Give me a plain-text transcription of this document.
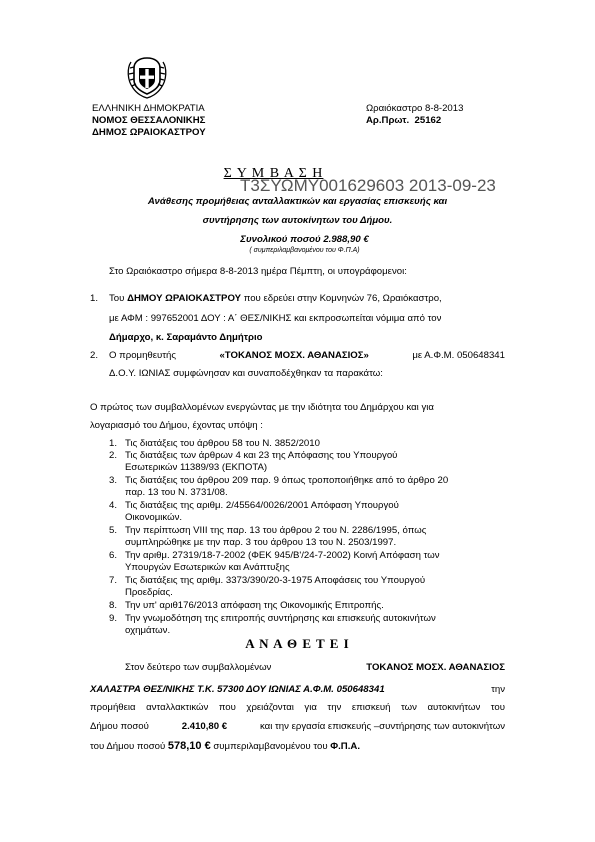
ΕΛΛΗΝΙΚΗ ΔΗΜΟΚΡΑΤΙΑ
ΝΟΜΟΣ ΘΕΣΣΑΛΟΝΙΚΗΣ
ΔΗΜΟΣ ΩΡΑΙΟΚΑΣΤΡΟΥ
Ωραιόκαστρο 8-8-2013
Αρ.Πρωτ. 25162
Σ Υ Μ Β Α Σ Η
Τ3ΣΥΩΜΥ001629603 2013-09-23
Ανάθεσης προμήθειας ανταλλακτικών και εργασίας επισκευής και
συντήρησης των αυτοκίνητων του Δήμου.
Συνολικού ποσού 2.988,90 €
( συμπεριλαμβανομένου του Φ.Π.Α)
Στο Ωραιόκαστρο σήμερα 8-8-2013 ημέρα Πέμπτη, οι υπογράφομενοι:
1. Του ΔΗΜΟΥ ΩΡΑΙΟΚΑΣΤΡΟΥ που εδρεύει στην Κομνηνών 76, Ωραιόκαστρο,
με ΑΦΜ : 997652001 ΔΟΥ : Α΄ ΘΕΣ/ΝΙΚΗΣ και εκπροσωπείται νόμιμα από τον
Δήμαρχο, κ. Σαραμάντο Δημήτριο
2. Ο προμηθευτής	«ΤΟΚΑΝΟΣ ΜΟΣΧ. ΑΘΑΝΑΣΙΟΣ»	με Α.Φ.Μ. 050648341
Δ.Ο.Υ. ΙΩΝΙΑΣ συμφώνησαν και συναποδέχθηκαν τα παρακάτω:
Ο πρώτος των συμβαλλομένων ενεργώντας με την ιδιότητα του Δημάρχου και για
λογαριασμό του Δήμου, έχοντας υπόψη :
1. Τις διατάξεις του άρθρου 58 του Ν. 3852/2010
2. Τις διατάξεις των άρθρων 4 και 23 της Απόφασης του Υπουργού
Εσωτερικών 11389/93 (ΕΚΠΟΤΑ)
3. Τις διατάξεις του άρθρου 209 παρ. 9 όπως τροποποιήθηκε από το άρθρο 20
παρ. 13 του Ν. 3731/08.
4. Τις διατάξεις της αριθμ. 2/45564/0026/2001 Απόφαση Υπουργού
Οικονομικών.
5. Την περίπτωση VIII της παρ. 13 του άρθρου 2 του Ν. 2286/1995, όπως
συμπληρώθηκε με την παρ. 3 του άρθρου 13 του Ν. 2503/1997.
6. Την αριθμ. 27319/18-7-2002 (ΦΕΚ 945/Β'/24-7-2002) Κοινή Απόφαση των
Υπουργών Εσωτερικών και Ανάπτυξης
7. Τις διατάξεις της αριθμ. 3373/390/20-3-1975 Αποφάσεις του Υπουργού
Προεδρίας.
8. Την υπ' αριθ176/2013 απόφαση της Οικονομικής Επιτροπής.
9. Την γνωμοδότηση της επιτροπής συντήρησης και επισκευής αυτοκινήτων
οχημάτων.
Α Ν Α Θ Ε Τ Ε Ι
Στον δεύτερο των συμβαλλομένων	ΤΟΚΑΝΟΣ ΜΟΣΧ. ΑΘΑΝΑΣΙΟΣ
ΧΑΛΑΣΤΡΑ ΘΕΣ/ΝΙΚΗΣ Τ.Κ. 57300 ΔΟΥ ΙΩΝΙΑΣ Α.Φ.Μ. 050648341	την
προμήθεια ανταλλακτικών που χρειάζονται για την επισκευή των αυτοκινήτων του
Δήμου ποσού	2.410,80 €	και την εργασία επισκευής –συντήρησης των αυτοκινήτων
του Δήμου ποσού 578,10 € συμπεριλαμβανομένου του Φ.Π.Α.
